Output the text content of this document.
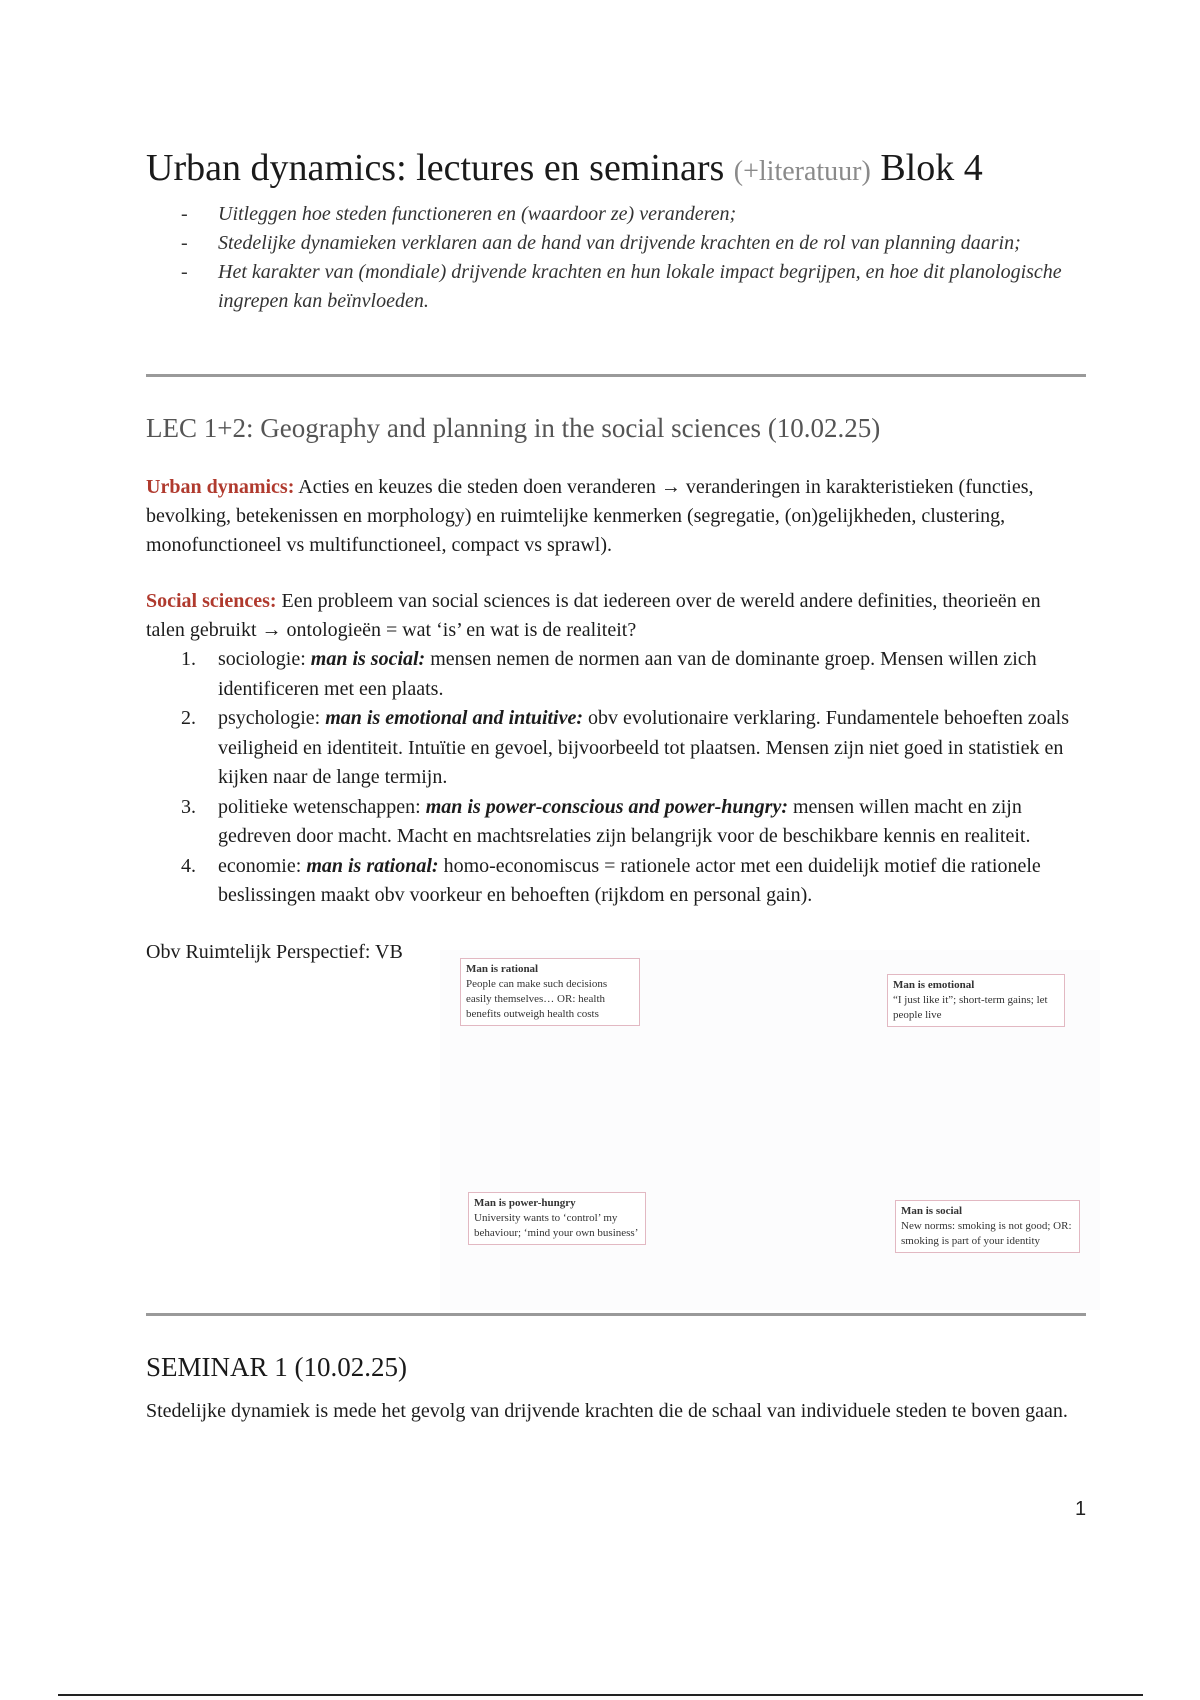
Urban dynamics: lectures en seminars (+literatuur) Blok 4
- Uitleggen hoe steden functioneren en (waardoor ze) veranderen;
- Stedelijke dynamieken verklaren aan de hand van drijvende krachten en de rol van planning daarin;
- Het karakter van (mondiale) drijvende krachten en hun lokale impact begrijpen, en hoe dit planologische ingrepen kan beïnvloeden.
LEC 1+2: Geography and planning in the social sciences (10.02.25)

Urban dynamics: Acties en keuzes die steden doen veranderen → veranderingen in karakteristieken (functies, bevolking, betekenissen en morphology) en ruimtelijke kenmerken (segregatie, (on)gelijkheden, clustering, monofunctioneel vs multifunctioneel, compact vs sprawl).

Social sciences: Een probleem van social sciences is dat iedereen over de wereld andere definities, theorieën en talen gebruikt → ontologieën = wat ‘is’ en wat is de realiteit?

1. sociologie: man is social: mensen nemen de normen aan van de dominante groep. Mensen willen zich identificeren met een plaats.
2. psychologie: man is emotional and intuitive: obv evolutionaire verklaring. Fundamentele behoeften zoals veiligheid en identiteit. Intuïtie en gevoel, bijvoorbeeld tot plaatsen. Mensen zijn niet goed in statistiek en kijken naar de lange termijn.
3. politieke wetenschappen: man is power-conscious and power-hungry: mensen willen macht en zijn gedreven door macht. Macht en machtsrelaties zijn belangrijk voor de beschikbare kennis en realiteit.
4. economie: man is rational: homo-economiscus = rationele actor met een duidelijk motief die rationele beslissingen maakt obv voorkeur en behoeften (rijkdom en personal gain).

Obv Ruimtelijk Perspectief: VB

Man is rational
People can make such decisions easily themselves… OR: health benefits outweigh health costs
Man is emotional
“I just like it”; short-term gains; let people live
Man is power-hungry
University wants to ‘control’ my behaviour; ‘mind your own business’
Man is social
New norms: smoking is not good; OR: smoking is part of your identity
SEMINAR 1 (10.02.25)

Stedelijke dynamiek is mede het gevolg van drijvende krachten die de schaal van individuele steden te boven gaan.

1
